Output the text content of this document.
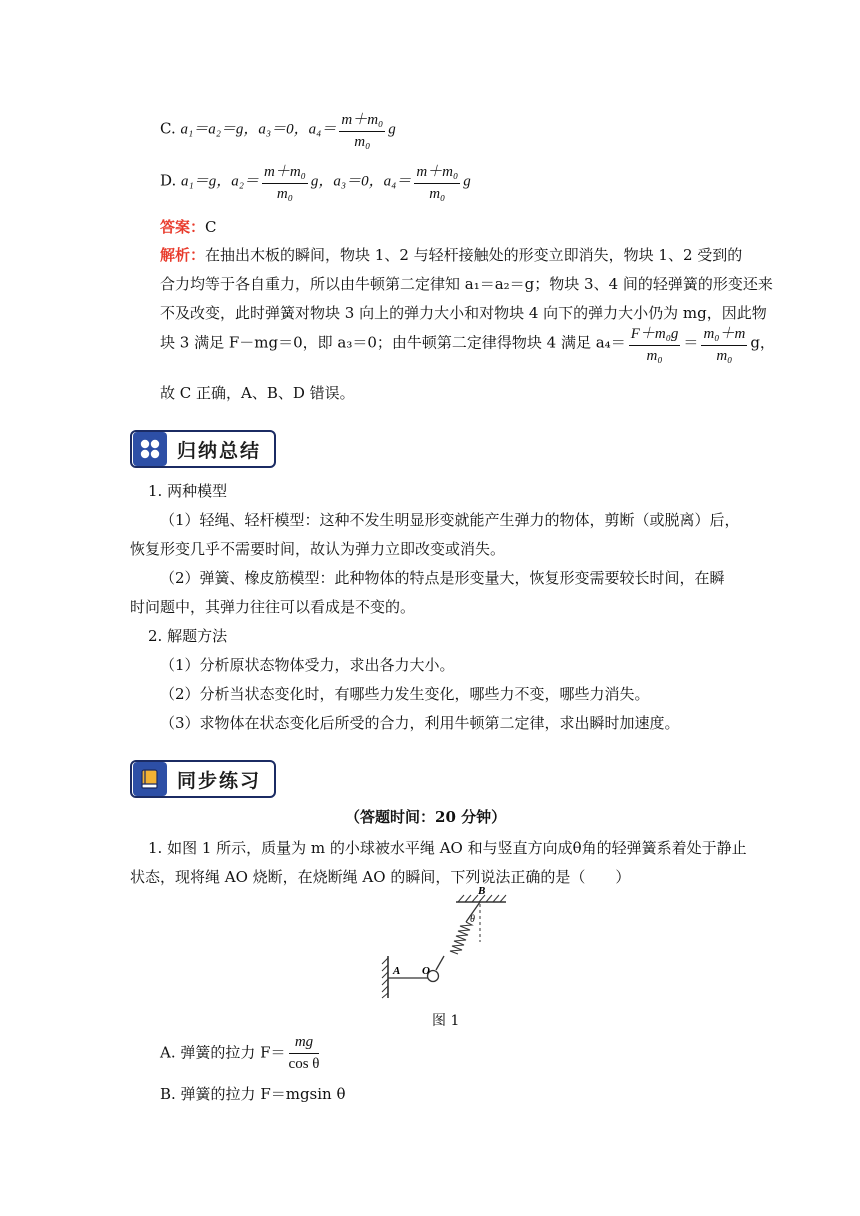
C. a₁＝a₂＝g，a₃＝0，$a_4= \frac{\text{m＋m₀}}{\text{m₀}}$ g
D. a₁＝g，$a_2= \frac{\text{m＋m₀}}{\text{m₀}}$ g，a₃＝0，$a_4= \frac{\text{m＋m₀}}{\text{m₀}}$ g
答案：C
解析：在抽出木板的瞬间，物块 1、2 与轻杆接触处的形变立即消失，物块 1、2 受到的
合力均等于各自重力，所以由牛顿第二定律知 a₁＝a₂＝g；物块 3、4 间的轻弹簧的形变还来
不及改变，此时弹簧对物块 3 向上的弹力大小和对物块 4 向下的弹力大小仍为 mg，因此物
块 3 满足 F－mg＝0，即 a₃＝0；由牛顿第二定律得物块 4 满足 $a_4= \frac{\text{F＋m₀g}}{\text{m₀}} = \frac{\text{m₀＋m}}{\text{m₀}}$ g，
故 C 正确，A、B、D 错误。
归纳总结
1. 两种模型
（1）轻绳、轻杆模型：这种不发生明显形变就能产生弹力的物体，剪断（或脱离）后，
恢复形变几乎不需要时间，故认为弹力立即改变或消失。
（2）弹簧、橡皮筋模型：此种物体的特点是形变量大，恢复形变需要较长时间，在瞬
时问题中，其弹力往往可以看成是不变的。
2. 解题方法
（1）分析原状态物体受力，求出各力大小。
（2）分析当状态变化时，有哪些力发生变化，哪些力不变，哪些力消失。
（3）求物体在状态变化后所受的合力，利用牛顿第二定律，求出瞬时加速度。
同步练习
（答题时间：20 分钟）
1. 如图 1 所示，质量为 m 的小球被水平绳 AO 和与竖直方向成θ角的轻弹簧系着处于静止
状态，现将绳 AO 烧断，在烧断绳 AO 的瞬间，下列说法正确的是（　　）
A O
B
θ
图 1
A. 弹簧的拉力 $F= \frac{mg}{\text{cos θ}}$
B. 弹簧的拉力 F＝mgsin θ
